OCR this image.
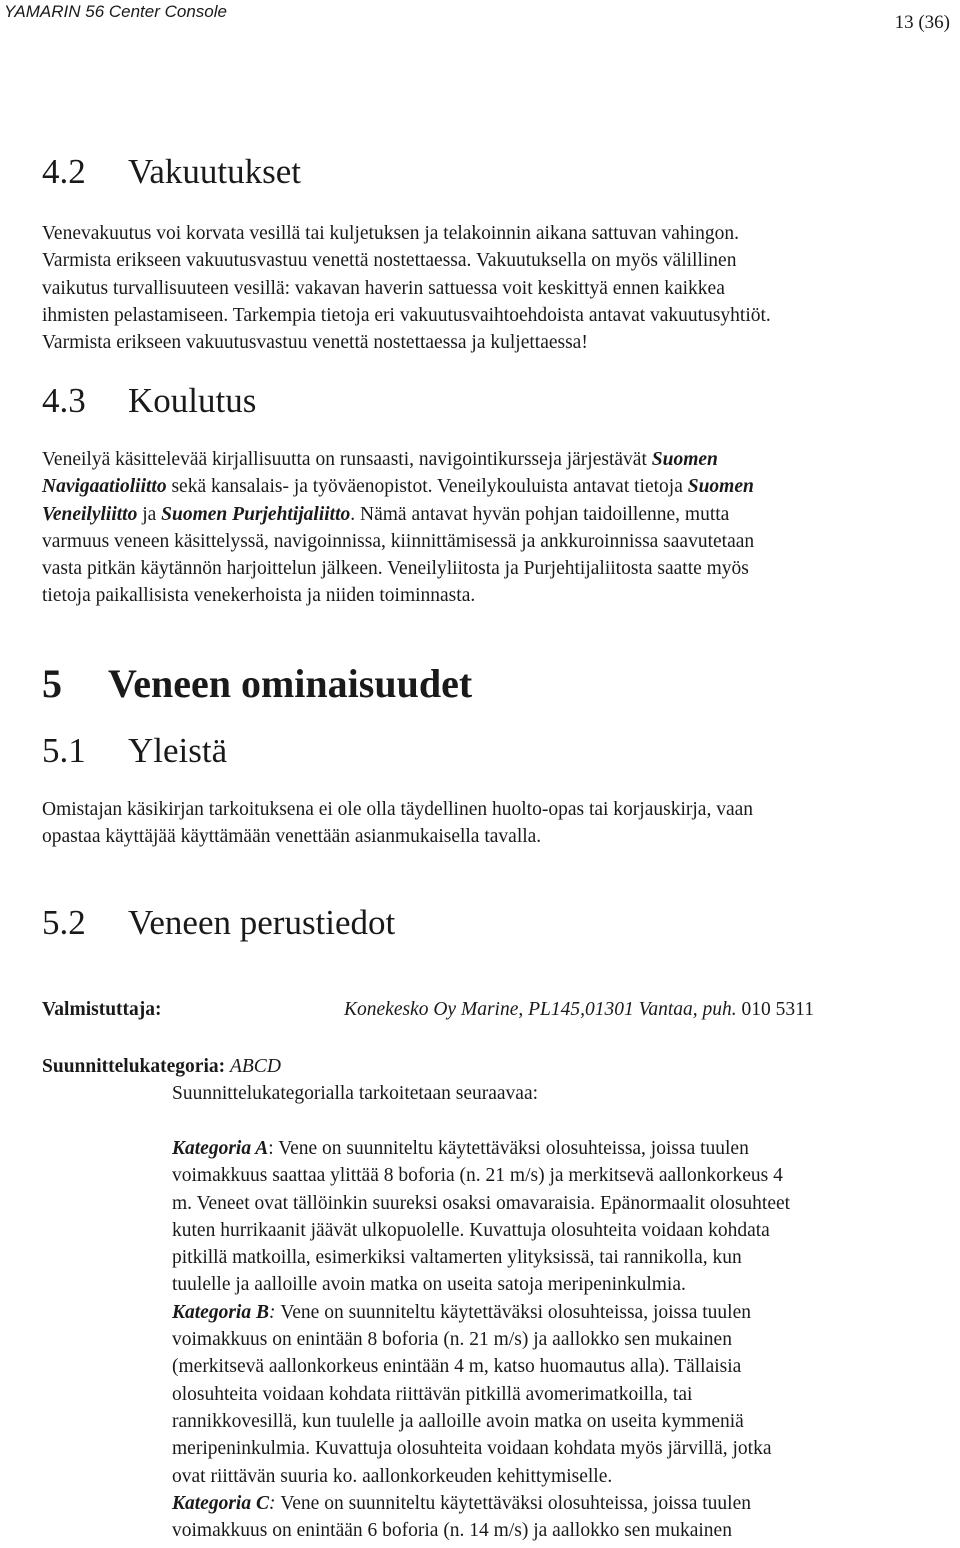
YAMARIN 56 Center Console
13 (36)
4.2 Vakuutukset
Venevakuutus voi korvata vesillä tai kuljetuksen ja telakoinnin aikana sattuvan vahingon.
Varmista erikseen vakuutusvastuu venettä nostettaessa. Vakuutuksella on myös välillinen
vaikutus turvallisuuteen vesillä: vakavan haverin sattuessa voit keskittyä ennen kaikkea
ihmisten pelastamiseen. Tarkempia tietoja eri vakuutusvaihtoehdoista antavat vakuutusyhtiöt.
Varmista erikseen vakuutusvastuu venettä nostettaessa ja kuljettaessa!
4.3 Koulutus
Veneilyä käsittelevää kirjallisuutta on runsaasti, navigointikursseja järjestävät Suomen
Navigaatioliitto sekä kansalais- ja työväenopistot. Veneilykouluista antavat tietoja Suomen
Veneilyliitto ja Suomen Purjehtijaliitto. Nämä antavat hyvän pohjan taidoillenne, mutta
varmuus veneen käsittelyssä, navigoinnissa, kiinnittämisessä ja ankkuroinnissa saavutetaan
vasta pitkän käytännön harjoittelun jälkeen. Veneilyliitosta ja Purjehtijaliitosta saatte myös
tietoja paikallisista venekerhoista ja niiden toiminnasta.
5 Veneen ominaisuudet
5.1 Yleistä
Omistajan käsikirjan tarkoituksena ei ole olla täydellinen huolto-opas tai korjauskirja, vaan
opastaa käyttäjää käyttämään venettään asianmukaisella tavalla.
5.2 Veneen perustiedot
Valmistuttaja:	Konekesko Oy Marine, PL145,01301 Vantaa, puh. 010 5311
Suunnittelukategoria: ABCD
Suunnittelukategorialla tarkoitetaan seuraavaa:
Kategoria A: Vene on suunniteltu käytettäväksi olosuhteissa, joissa tuulen
voimakkuus saattaa ylittää 8 boforia (n. 21 m/s) ja merkitsevä aallonkorkeus 4
m. Veneet ovat tällöinkin suureksi osaksi omavaraisia. Epänormaalit olosuhteet
kuten hurrikaanit jäävät ulkopuolelle. Kuvattuja olosuhteita voidaan kohdata
pitkillä matkoilla, esimerkiksi valtamerten ylityksissä, tai rannikolla, kun
tuulelle ja aalloille avoin matka on useita satoja meripeninkulmia.
Kategoria B: Vene on suunniteltu käytettäväksi olosuhteissa, joissa tuulen
voimakkuus on enintään 8 boforia (n. 21 m/s) ja aallokko sen mukainen
(merkitsevä aallonkorkeus enintään 4 m, katso huomautus alla). Tällaisia
olosuhteita voidaan kohdata riittävän pitkillä avomerimatkoilla, tai
rannikkovesillä, kun tuulelle ja aalloille avoin matka on useita kymmeniä
meripeninkulmia. Kuvattuja olosuhteita voidaan kohdata myös järvillä, jotka
ovat riittävän suuria ko. aallonkorkeuden kehittymiselle.
Kategoria C: Vene on suunniteltu käytettäväksi olosuhteissa, joissa tuulen
voimakkuus on enintään 6 boforia (n. 14 m/s) ja aallokko sen mukainen
